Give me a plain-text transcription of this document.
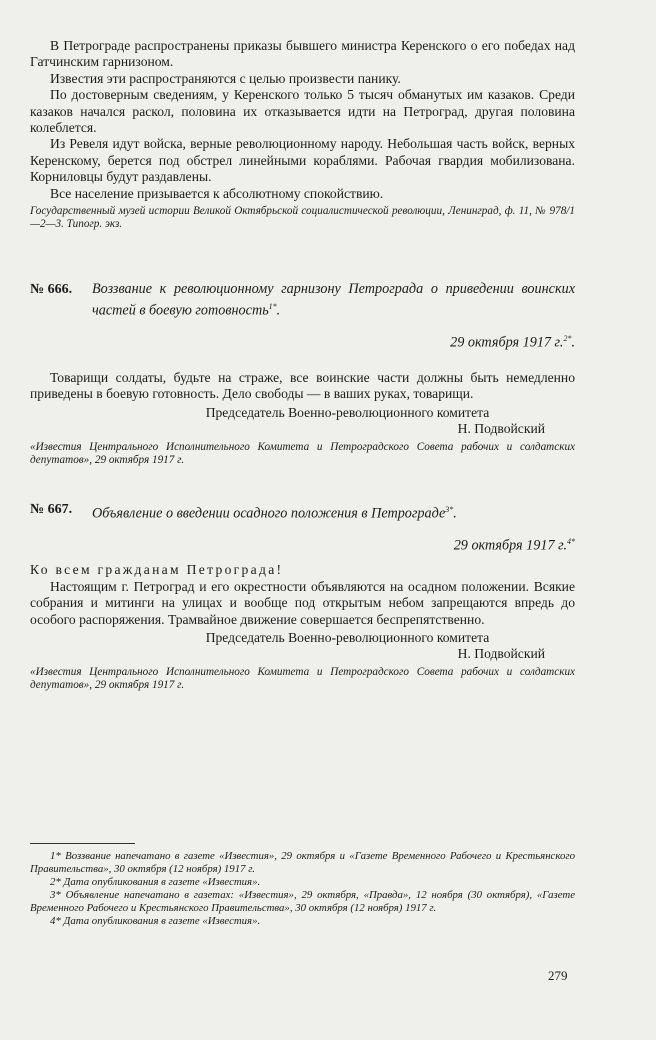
В Петрограде распространены приказы бывшего министра Керенского о его победах над Гатчинским гарнизоном.

Известия эти распространяются с целью произвести панику.

По достоверным сведениям, у Керенского только 5 тысяч обманутых им казаков. Среди казаков начался раскол, половина их отказывается идти на Петроград, другая половина колеблется.

Из Ревеля идут войска, верные революционному народу. Небольшая часть войск, верных Керенскому, берется под обстрел линейными кораблями. Рабочая гвардия мобилизована. Корниловцы будут раздавлены.

Все население призывается к абсолютному спокойствию.

Государственный музей истории Великой Октябрьской социалистической революции, Ленинград, ф. 11, № 978/1—2—3. Типогр. экз.

№ 666.	Воззвание к революционному гарнизону Петрограда о приведении воинских частей в боевую готовность$^{1*}$.
29 октября 1917 г.$^{2*}$.

Товарищи солдаты, будьте на страже, все воинские части должны быть немедленно приведены в боевую готовность. Дело свободы — в ваших руках, товарищи.

Председатель Военно-революционного комитета

Н. Подвойский

«Известия Центрального Исполнительного Комитета и Петроградского Совета рабочих и солдатских депутатов», 29 октября 1917 г.

№ 667.	Объявление о введении осадного положения в Петрограде$^{3*}$.
29 октября 1917 г.$^{4*}$

Ко всем гражданам Петрограда!

Настоящим г. Петроград и его окрестности объявляются на осадном положении. Всякие собрания и митинги на улицах и вообще под открытым небом запрещаются впредь до особого распоряжения. Трамвайное движение совершается беспрепятственно.

Председатель Военно-революционного комитета

Н. Подвойский

«Известия Центрального Исполнительного Комитета и Петроградского Совета рабочих и солдатских депутатов», 29 октября 1917 г.

1* Воззвание напечатано в газете «Известия», 29 октября и «Газете Временного Рабочего и Крестьянского Правительства», 30 октября (12 ноября) 1917 г.

2* Дата опубликования в газете «Известия».

3* Объявление напечатано в газетах: «Известия», 29 октября, «Правда», 12 ноября (30 октября), «Газете Временного Рабочего и Крестьянского Правительства», 30 октября (12 ноября) 1917 г.

4* Дата опубликования в газете «Известия».

279
